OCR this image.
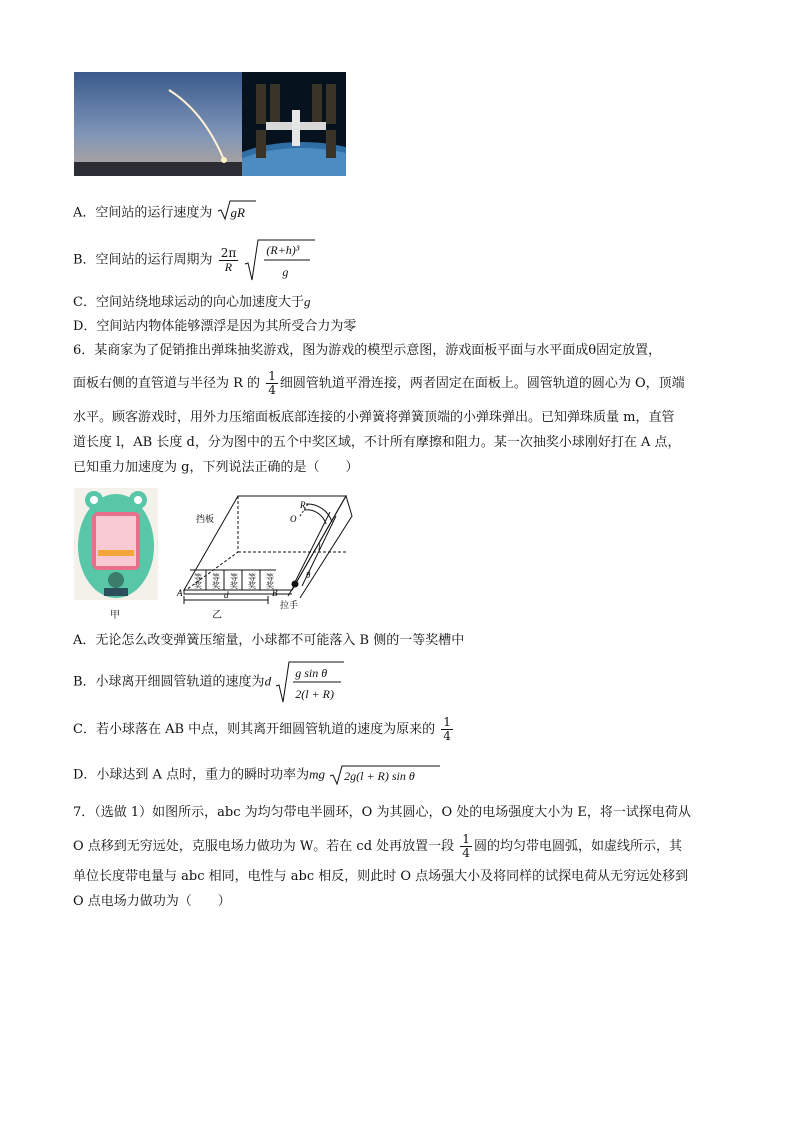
A．空间站的运行速度为 gR
B．空间站的运行周期为 $\frac{2\pi}{R}$
(R+h)³
g
C．空间站绕地球运动的向心加速度大于g
D．空间站内物体能够漂浮是因为其所受合力为零
6．某商家为了促销推出弹珠抽奖游戏，图为游戏的模型示意图，游戏面板平面与水平面成θ固定放置，
面板右侧的直管道与半径为 R 的 $\frac{1}{4}$ 细圆管轨道平滑连接，两者固定在面板上。圆管轨道的圆心为 O，顶端
水平。顾客游戏时，用外力压缩面板底部连接的小弹簧将弹簧顶端的小弹珠弹出。已知弹珠质量 m，直管
道长度 l，AB 长度 d，分为图中的五个中奖区域，不计所有摩擦和阻力。某一次抽奖小球刚好打在 A 点，
已知重力加速度为 g，下列说法正确的是（　　）
甲
挡板
等 等 等 等 等
奖 奖 奖 奖 奖
A	B
d
R
O
l
θ
拉手
乙
A．无论怎么改变弹簧压缩量，小球都不可能落入 B 侧的一等奖槽中
B．小球离开细圆管轨道的速度为d
g sin θ
2(l + R)
C．若小球落在 AB 中点，则其离开细圆管轨道的速度为原来的 $\frac{1}{4}$
D．小球达到 A 点时，重力的瞬时功率为mg 2g(l + R) sin θ
7．（选做 1）如图所示，abc 为均匀带电半圆环，O 为其圆心，O 处的电场强度大小为 E，将一试探电荷从
O 点移到无穷远处，克服电场力做功为 W。若在 cd 处再放置一段 $\frac{1}{4}$ 圆的均匀带电圆弧，如虚线所示，其
单位长度带电量与 abc 相同，电性与 abc 相反，则此时 O 点场强大小及将同样的试探电荷从无穷远处移到
O 点电场力做功为（　　）
